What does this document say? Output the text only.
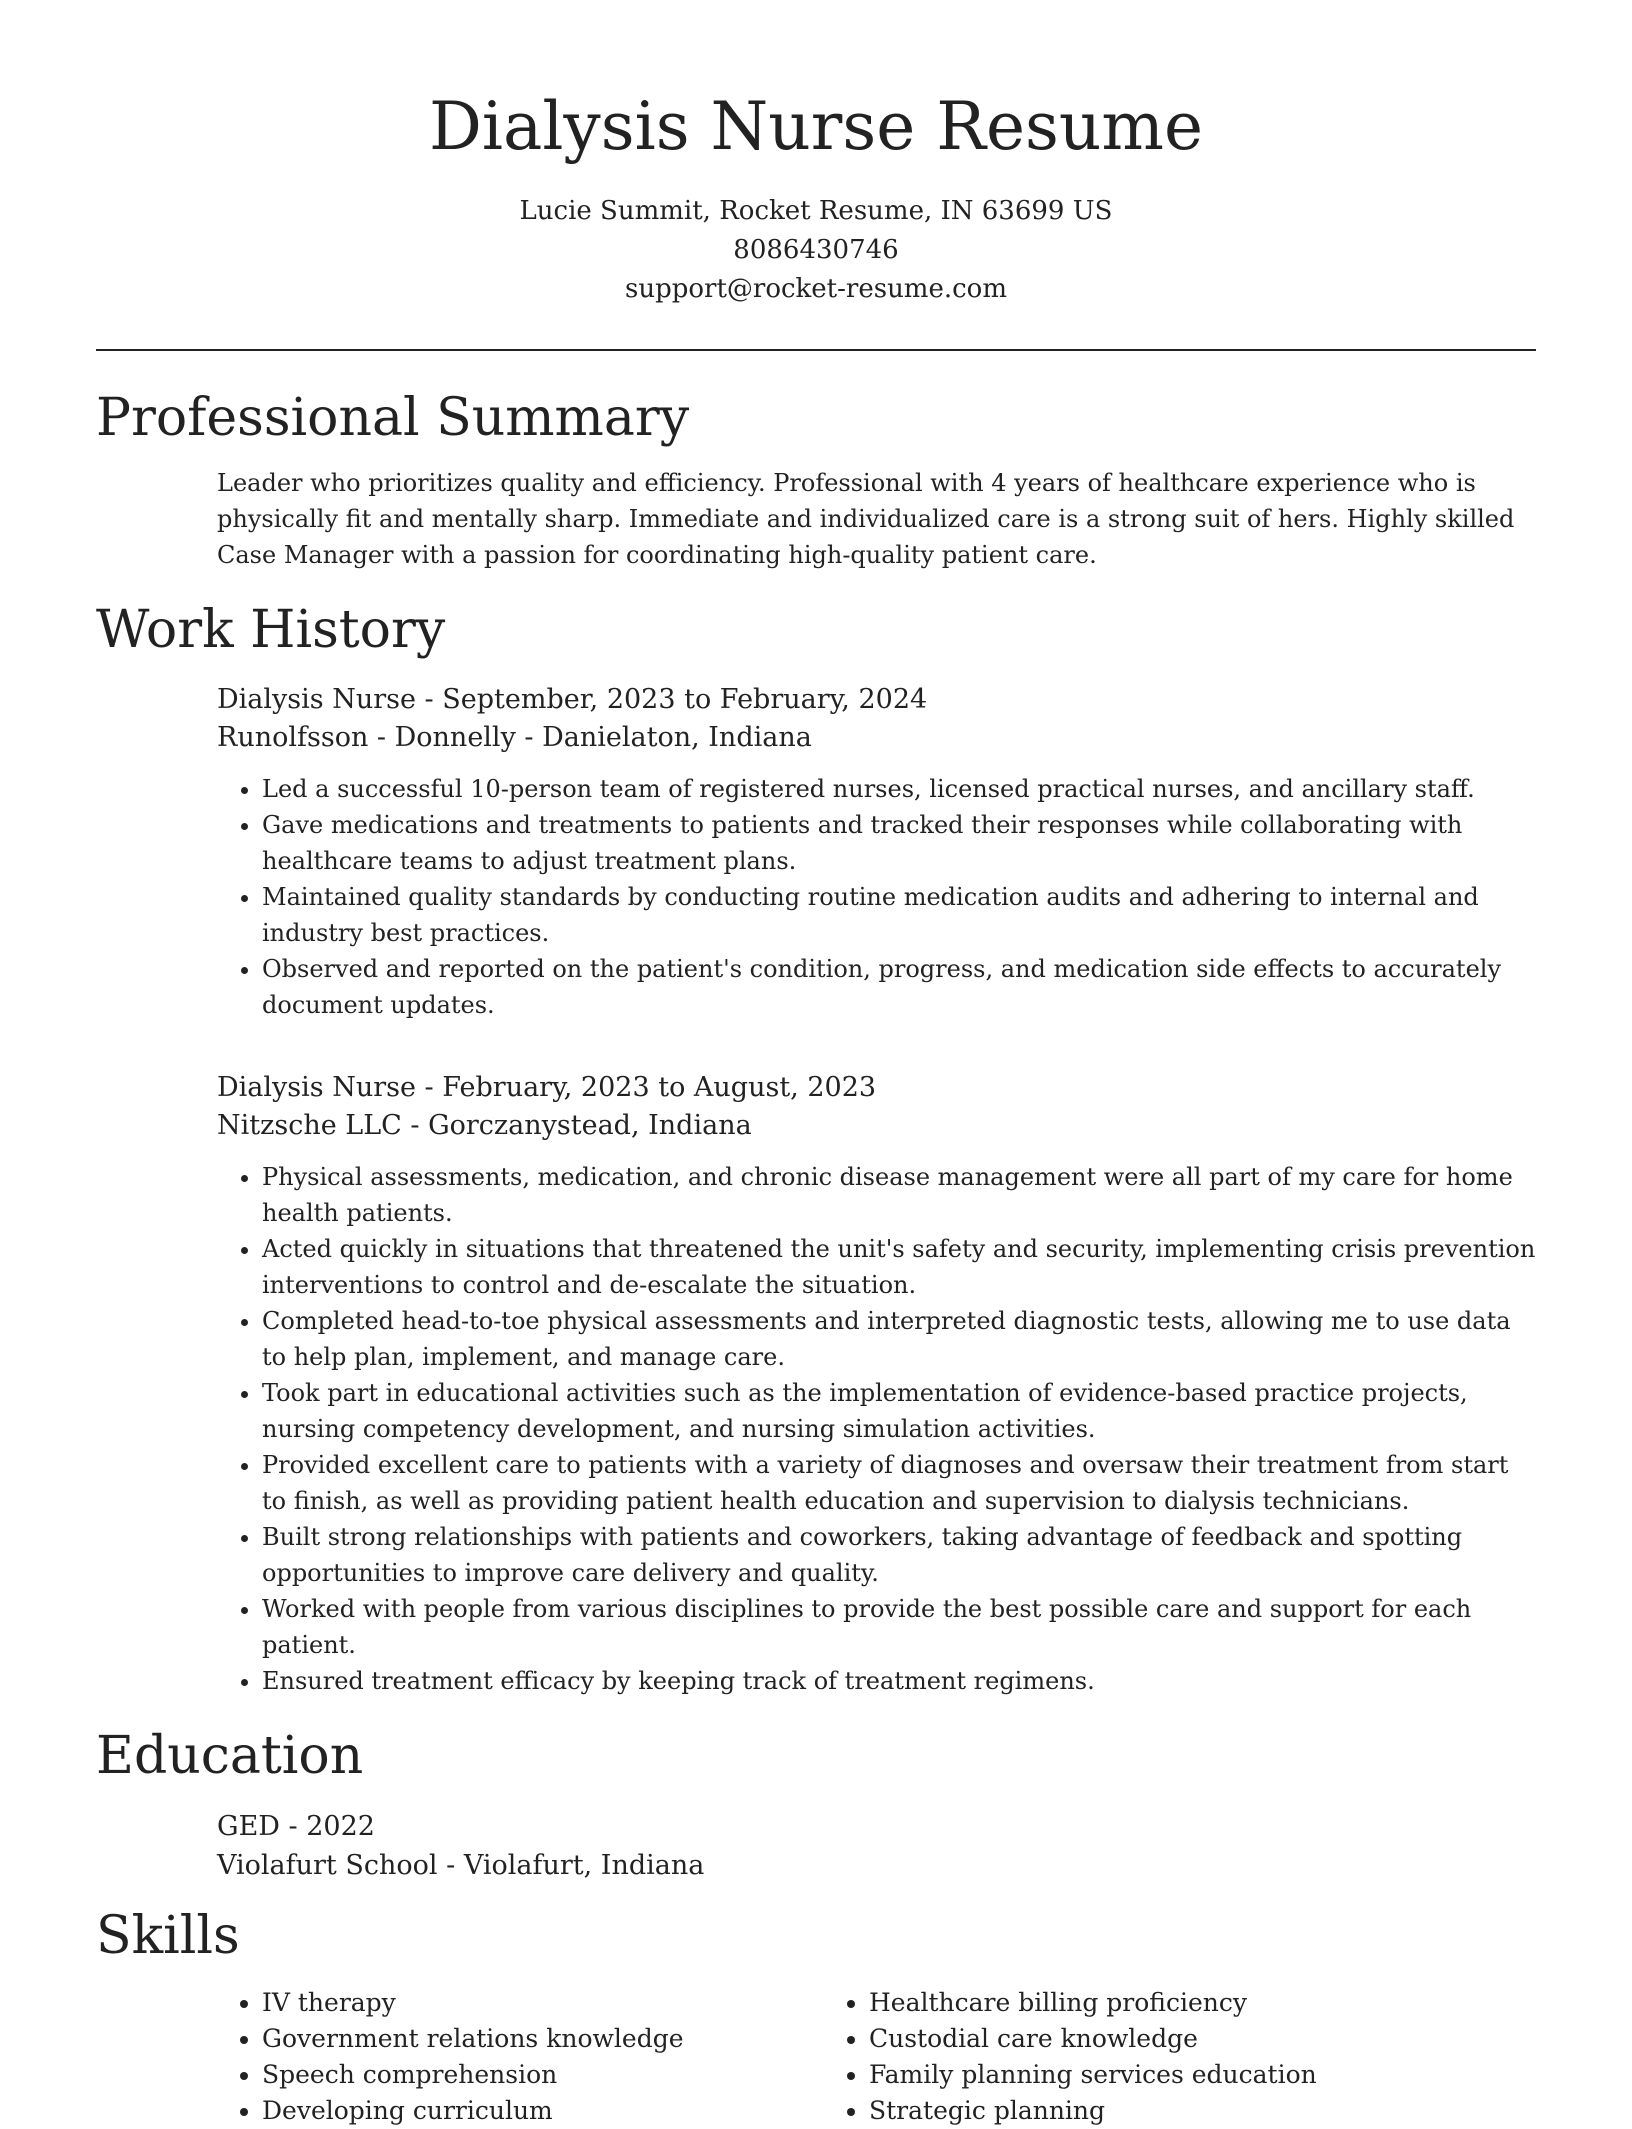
Dialysis Nurse Resume
Lucie Summit, Rocket Resume, IN 63699 US
8086430746
support@rocket-resume.com
Professional Summary

Leader who prioritizes quality and efficiency. Professional with 4 years of healthcare experience who is physically fit and mentally sharp. Immediate and individualized care is a strong suit of hers. Highly skilled Case Manager with a passion for coordinating high-quality patient care.

Work History
Dialysis Nurse - September, 2023 to February, 2024
Runolfsson - Donnelly - Danielaton, Indiana
• Led a successful 10-person team of registered nurses, licensed practical nurses, and ancillary staff.
• Gave medications and treatments to patients and tracked their responses while collaborating with healthcare teams to adjust treatment plans.
• Maintained quality standards by conducting routine medication audits and adhering to internal and industry best practices.
• Observed and reported on the patient's condition, progress, and medication side effects to accurately document updates.
Dialysis Nurse - February, 2023 to August, 2023
Nitzsche LLC - Gorczanystead, Indiana
• Physical assessments, medication, and chronic disease management were all part of my care for home health patients.
• Acted quickly in situations that threatened the unit's safety and security, implementing crisis prevention interventions to control and de-escalate the situation.
• Completed head-to-toe physical assessments and interpreted diagnostic tests, allowing me to use data to help plan, implement, and manage care.
• Took part in educational activities such as the implementation of evidence-based practice projects, nursing competency development, and nursing simulation activities.
• Provided excellent care to patients with a variety of diagnoses and oversaw their treatment from start to finish, as well as providing patient health education and supervision to dialysis technicians.
• Built strong relationships with patients and coworkers, taking advantage of feedback and spotting opportunities to improve care delivery and quality.
• Worked with people from various disciplines to provide the best possible care and support for each patient.
• Ensured treatment efficacy by keeping track of treatment regimens.
Education
GED - 2022
Violafurt School - Violafurt, Indiana
Skills
• IV therapy
• Government relations knowledge
• Speech comprehension
• Developing curriculum
• Healthcare billing proficiency
• Custodial care knowledge
• Family planning services education
• Strategic planning
